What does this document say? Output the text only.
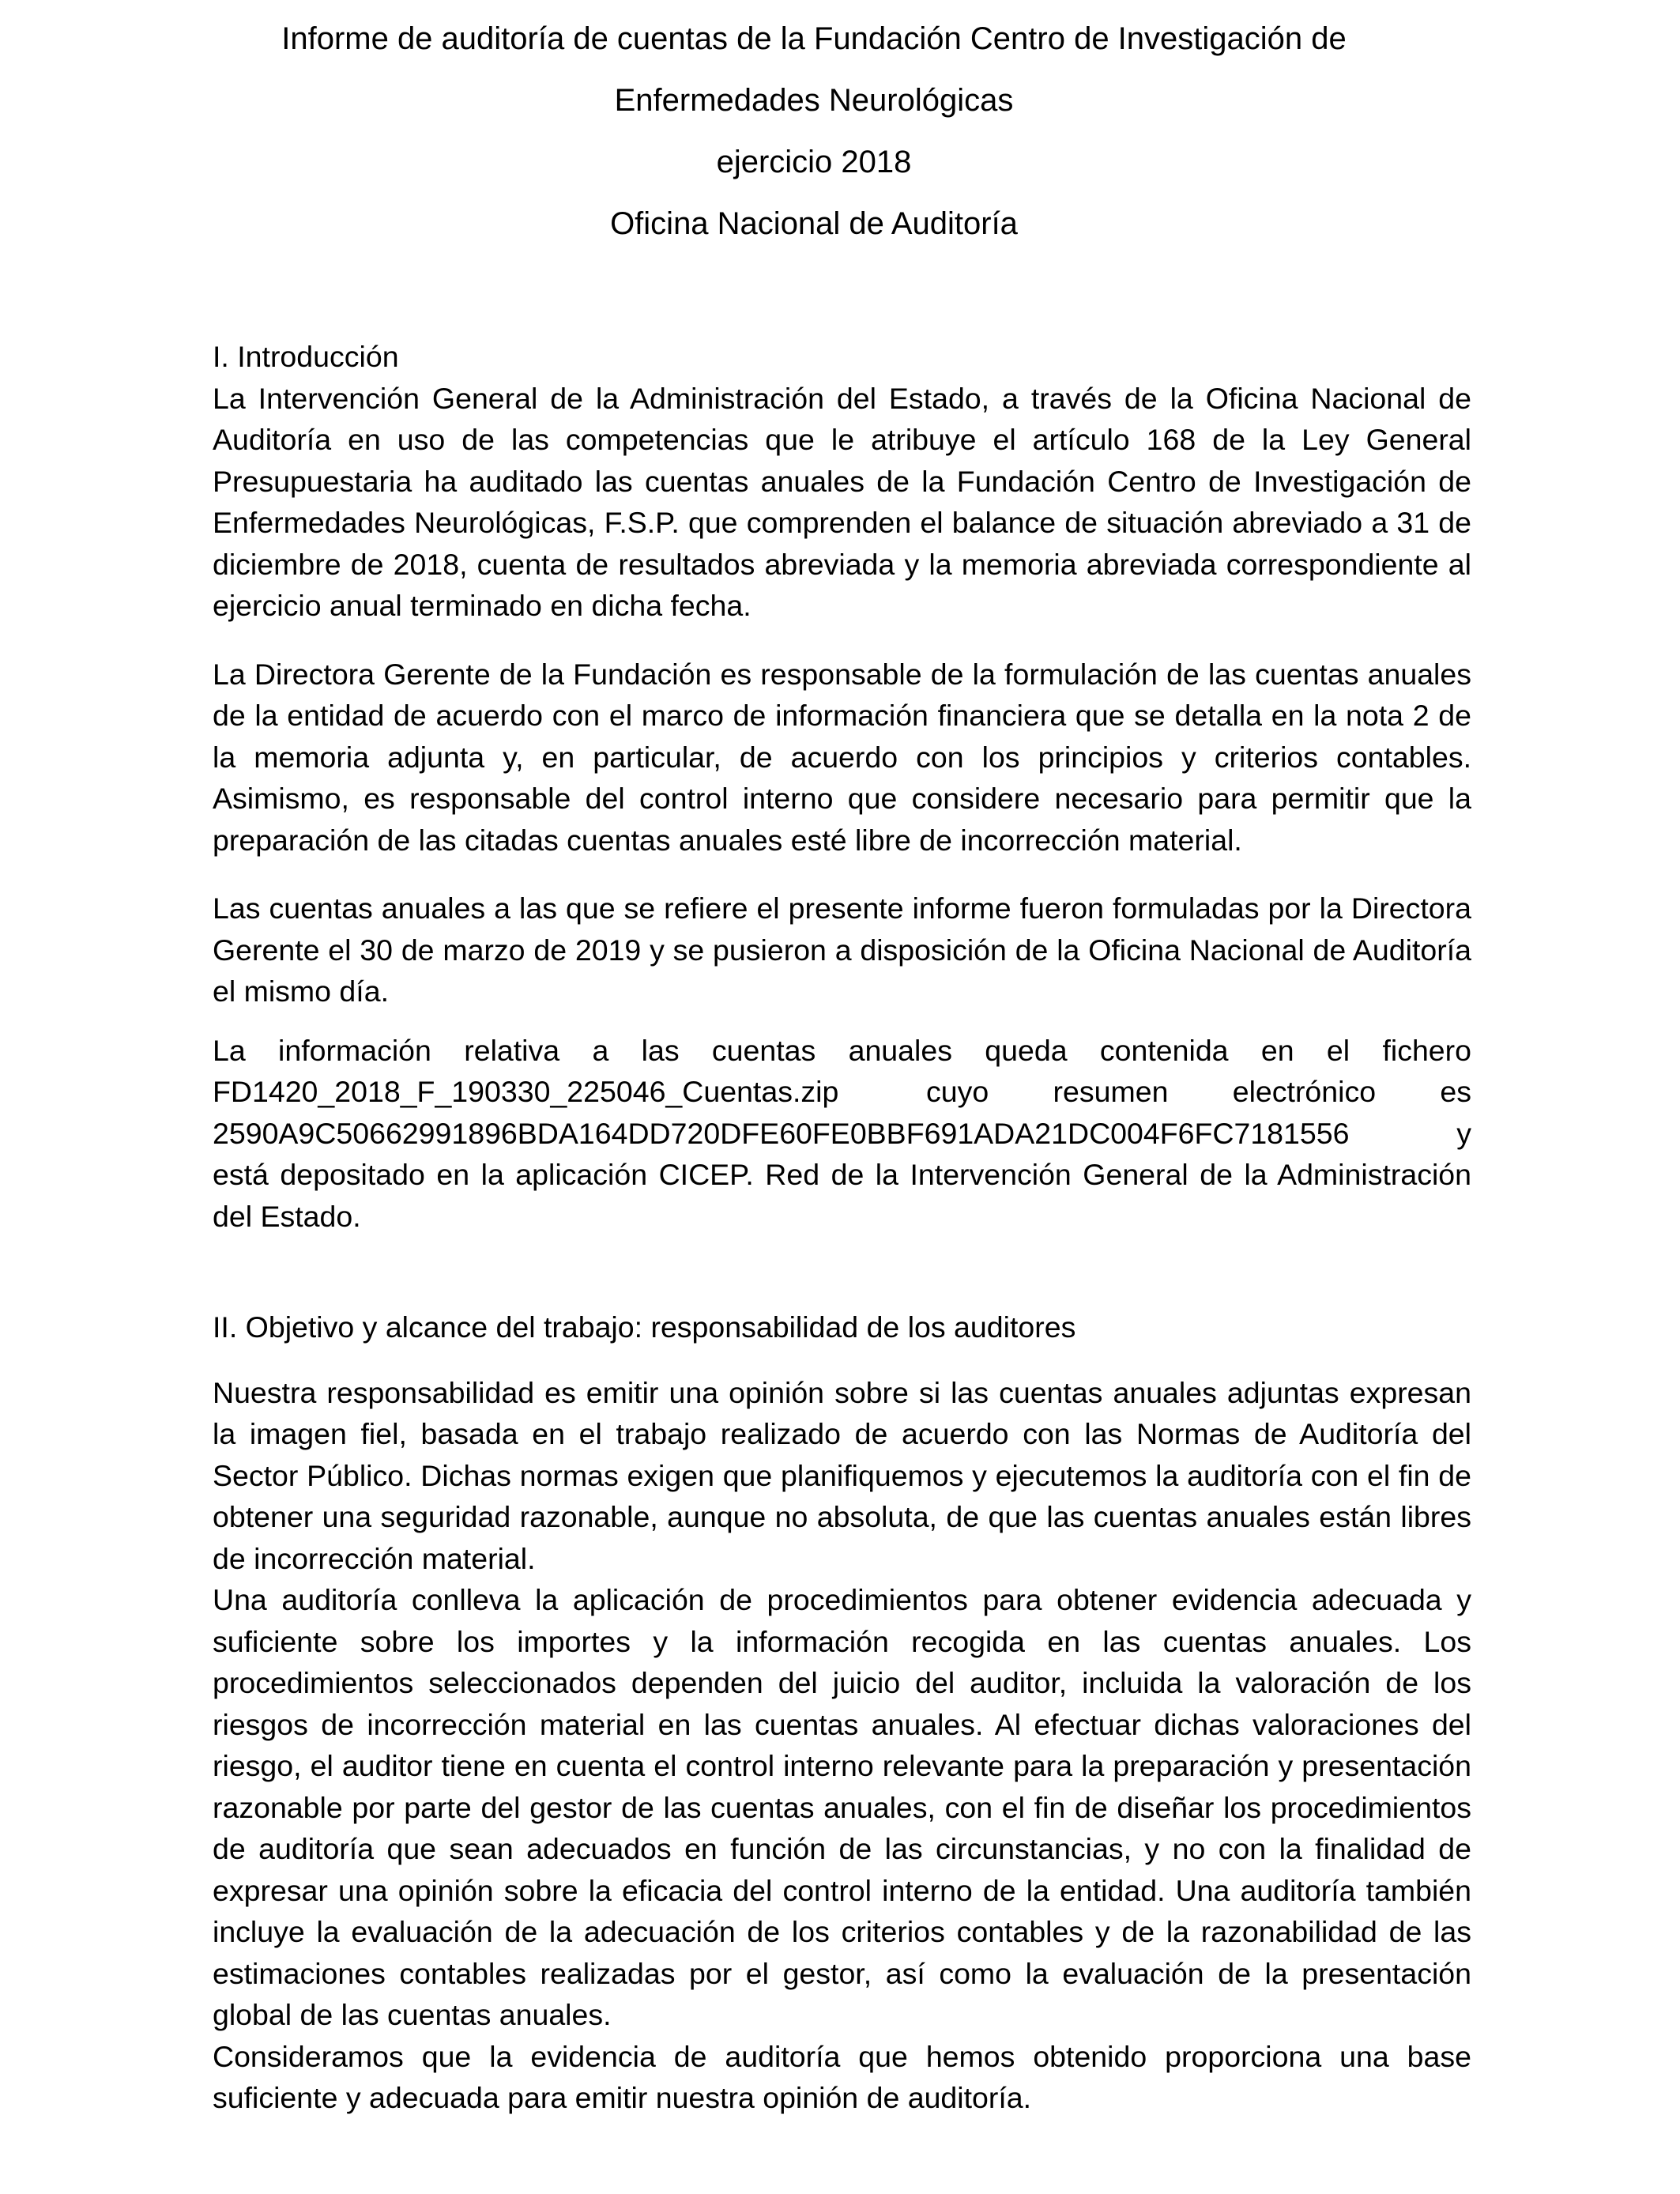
Informe de auditoría de cuentas de la Fundación Centro de Investigación de
Enfermedades Neurológicas
ejercicio 2018
Oficina Nacional de Auditoría

I. Introducción

La Intervención General de la Administración del Estado, a través de la Oficina Nacional de Auditoría en uso de las competencias que le atribuye el artículo 168 de la Ley General Presupuestaria ha auditado las cuentas anuales de la Fundación Centro de Investigación de Enfermedades Neurológicas, F.S.P. que comprenden el balance de situación abreviado a 31 de diciembre de 2018, cuenta de resultados abreviada y la memoria abreviada correspondiente al ejercicio anual terminado en dicha fecha.

La Directora Gerente de la Fundación es responsable de la formulación de las cuentas anuales de la entidad de acuerdo con el marco de información financiera que se detalla en la nota 2 de la memoria adjunta y, en particular, de acuerdo con los principios y criterios contables. Asimismo, es responsable del control interno que considere necesario para permitir que la preparación de las citadas cuentas anuales esté libre de incorrección material.

Las cuentas anuales a las que se refiere el presente informe fueron formuladas por la Directora Gerente el 30 de marzo de 2019 y se pusieron a disposición de la Oficina Nacional de Auditoría el mismo día.

La información relativa a las cuentas anuales queda contenida en el fichero

FD1420_2018_F_190330_225046_Cuentas.zip	cuyo resumen electrónico es
2590A9C50662991896BDA164DD720DFE60FE0BBF691ADA21DC004F6FC7181556	y

está depositado en la aplicación CICEP. Red de la Intervención General de la Administración del Estado.

II. Objetivo y alcance del trabajo: responsabilidad de los auditores

Nuestra responsabilidad es emitir una opinión sobre si las cuentas anuales adjuntas expresan la imagen fiel, basada en el trabajo realizado de acuerdo con las Normas de Auditoría del Sector Público. Dichas normas exigen que planifiquemos y ejecutemos la auditoría con el fin de obtener una seguridad razonable, aunque no absoluta, de que las cuentas anuales están libres de incorrección material.

Una auditoría conlleva la aplicación de procedimientos para obtener evidencia adecuada y suficiente sobre los importes y la información recogida en las cuentas anuales. Los procedimientos seleccionados dependen del juicio del auditor, incluida la valoración de los riesgos de incorrección material en las cuentas anuales. Al efectuar dichas valoraciones del riesgo, el auditor tiene en cuenta el control interno relevante para la preparación y presentación razonable por parte del gestor de las cuentas anuales, con el fin de diseñar los procedimientos de auditoría que sean adecuados en función de las circunstancias, y no con la finalidad de expresar una opinión sobre la eficacia del control interno de la entidad. Una auditoría también incluye la evaluación de la adecuación de los criterios contables y de la razonabilidad de las estimaciones contables realizadas por el gestor, así como la evaluación de la presentación global de las cuentas anuales.

Consideramos que la evidencia de auditoría que hemos obtenido proporciona una base suficiente y adecuada para emitir nuestra opinión de auditoría.
